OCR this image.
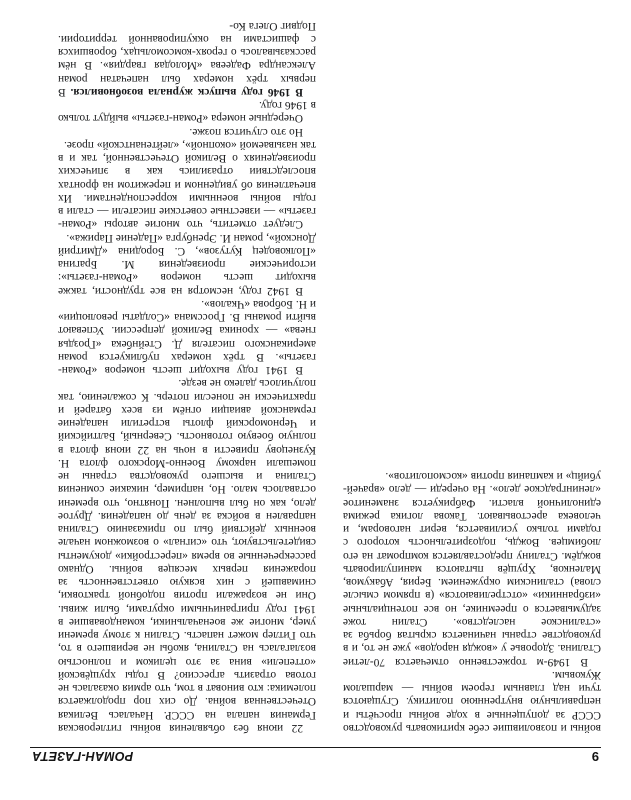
9
РОМАН-ГАЗЕТА

войны и позволившие себе критиковать руководство СССР за допущенные в ходе войны просчёты и неправильную внутреннюю политику. Сгущаются тучи над главным героем войны — маршалом Жуковым.

В 1949-м торжественно отмечается 70-летие Сталина. Здоровье у «вождя народов» уже не то, и в руководстве страны начинается скрытая борьба за «сталинское наследство». Сталин тоже задумывается о преемнике, но все потенциальные «избранники» «отстреливаются» (в прямом смысле слова) сталинским окружением. Берия, Абакумов, Маленков, Хрущёв пытаются манипулировать вождём. Сталину предоставляется компромат на его любимцев. Вождь, подозрительность которого с годами только усиливается, верит наговорам, и человека арестовывают. Такова логика режима единоличной власти. Фабрикуется знаменитое «ленинградское дело». На очереди — дело «врачей-убийц» и кампания против «космополитов».

22 июня без объявления войны гитлеровская Германия напала на СССР. Началась Великая Отечественная война. До сих пор продолжается полемика: кто виноват в том, что армия оказалась не готова отразить агрессию? В годы хрущёвской «оттепели» вина за это целиком и полностью возлагалась на Сталина, якобы не верившего в то, что Гитлер может напасть. Сталин к этому времени умер, многие же военачальники, командовавшие в 1941 году приграничными округами, были живы. Они не возражали против подобной трактовки, снимавшей с них всякую ответственность за поражения первых месяцев войны. Однако рассекреченные во время «перестройки» документы свидетельствуют, что «сигнал» о возможном начале военных действий был по приказанию Сталина направлен в войска за день до нападения. Другое дело, как он был выполнен. Понятно, что времени оставалось мало. Но, например, никакие сомнения Сталина и высшего руководства страны не помешали наркому Военно-Морского флота Н. Кузнецову привести в ночь на 22 июня флота в полную боевую готовность. Северный, Балтийский и Черноморский флоты встретили нападение германской авиации огнём из всех батарей и практически не понесли потерь. К сожалению, так получилось далеко не везде.

В 1941 году выходит шесть номеров «Роман-газеты». В трёх номерах публикуется роман американского писателя Д. Стейнбека «Гроздья гнева» — хроника Великой депрессии. Успевают выйти романы В. Гроссмана «Солдаты революции» и Н. Бобровa «Чкалов».

В 1942 году, несмотря на все трудности, также выходит шесть номеров «Роман-газеты»: исторические произведения М. Брагина «Полководец Кутузов», С. Бородина «Дмитрий Донской», роман И. Эренбурга «Падение Парижа».

Следует отметить, что многие авторы «Роман-газеты» — известные советские писатели — стали в годы войны военными корреспондентами. Их впечатления об увиденном и пережитом на фронтах впоследствии отразились как в эпических произведениях о Великой Отечественной, так и в так называемой «окопной», «лейтенантской» прозе.

Но это случится позже.

Очередные номера «Роман-газеты» выйдут только в 1946 году.

В 1946 году выпуск журнала возобновился. В первых трёх номерах был напечатан роман Александра Фадеева «Молодая гвардия». В нём рассказывалось о героях-комсомольцах, боровшихся с фашистами на оккупированной территории. Подвиг Олега Ко-
